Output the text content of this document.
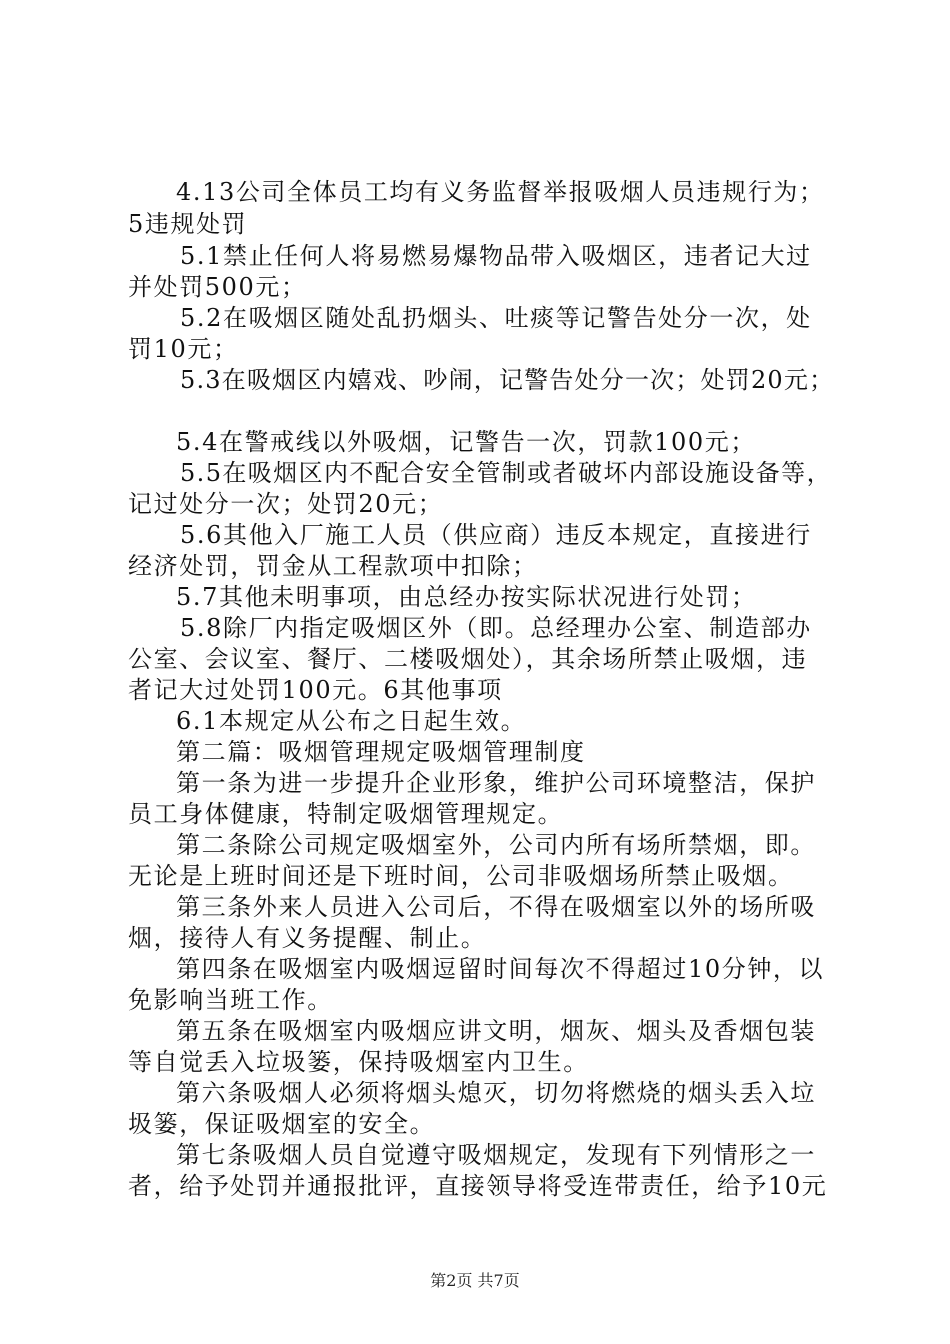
4.13公司全体员工均有义务监督举报吸烟人员违规行为；
5违规处罚
5.1禁止任何人将易燃易爆物品带入吸烟区，违者记大过
并处罚500元；
5.2在吸烟区随处乱扔烟头、吐痰等记警告处分一次，处
罚10元；
5.3在吸烟区内嬉戏、吵闹，记警告处分一次；处罚20元；
5.4在警戒线以外吸烟，记警告一次，罚款100元；
5.5在吸烟区内不配合安全管制或者破坏内部设施设备等，
记过处分一次；处罚20元；
5.6其他入厂施工人员（供应商）违反本规定，直接进行
经济处罚，罚金从工程款项中扣除；
5.7其他未明事项，由总经办按实际状况进行处罚；
5.8除厂内指定吸烟区外（即。总经理办公室、制造部办
公室、会议室、餐厅、二楼吸烟处），其余场所禁止吸烟，违
者记大过处罚100元。6其他事项
6.1本规定从公布之日起生效。
第二篇：吸烟管理规定吸烟管理制度
第一条为进一步提升企业形象，维护公司环境整洁，保护
员工身体健康，特制定吸烟管理规定。
第二条除公司规定吸烟室外，公司内所有场所禁烟，即。
无论是上班时间还是下班时间，公司非吸烟场所禁止吸烟。
第三条外来人员进入公司后，不得在吸烟室以外的场所吸
烟，接待人有义务提醒、制止。
第四条在吸烟室内吸烟逗留时间每次不得超过10分钟，以
免影响当班工作。
第五条在吸烟室内吸烟应讲文明，烟灰、烟头及香烟包装
等自觉丢入垃圾篓，保持吸烟室内卫生。
第六条吸烟人必须将烟头熄灭，切勿将燃烧的烟头丢入垃
圾篓，保证吸烟室的安全。
第七条吸烟人员自觉遵守吸烟规定，发现有下列情形之一
者，给予处罚并通报批评，直接领导将受连带责任，给予10元
第2页 共7页
